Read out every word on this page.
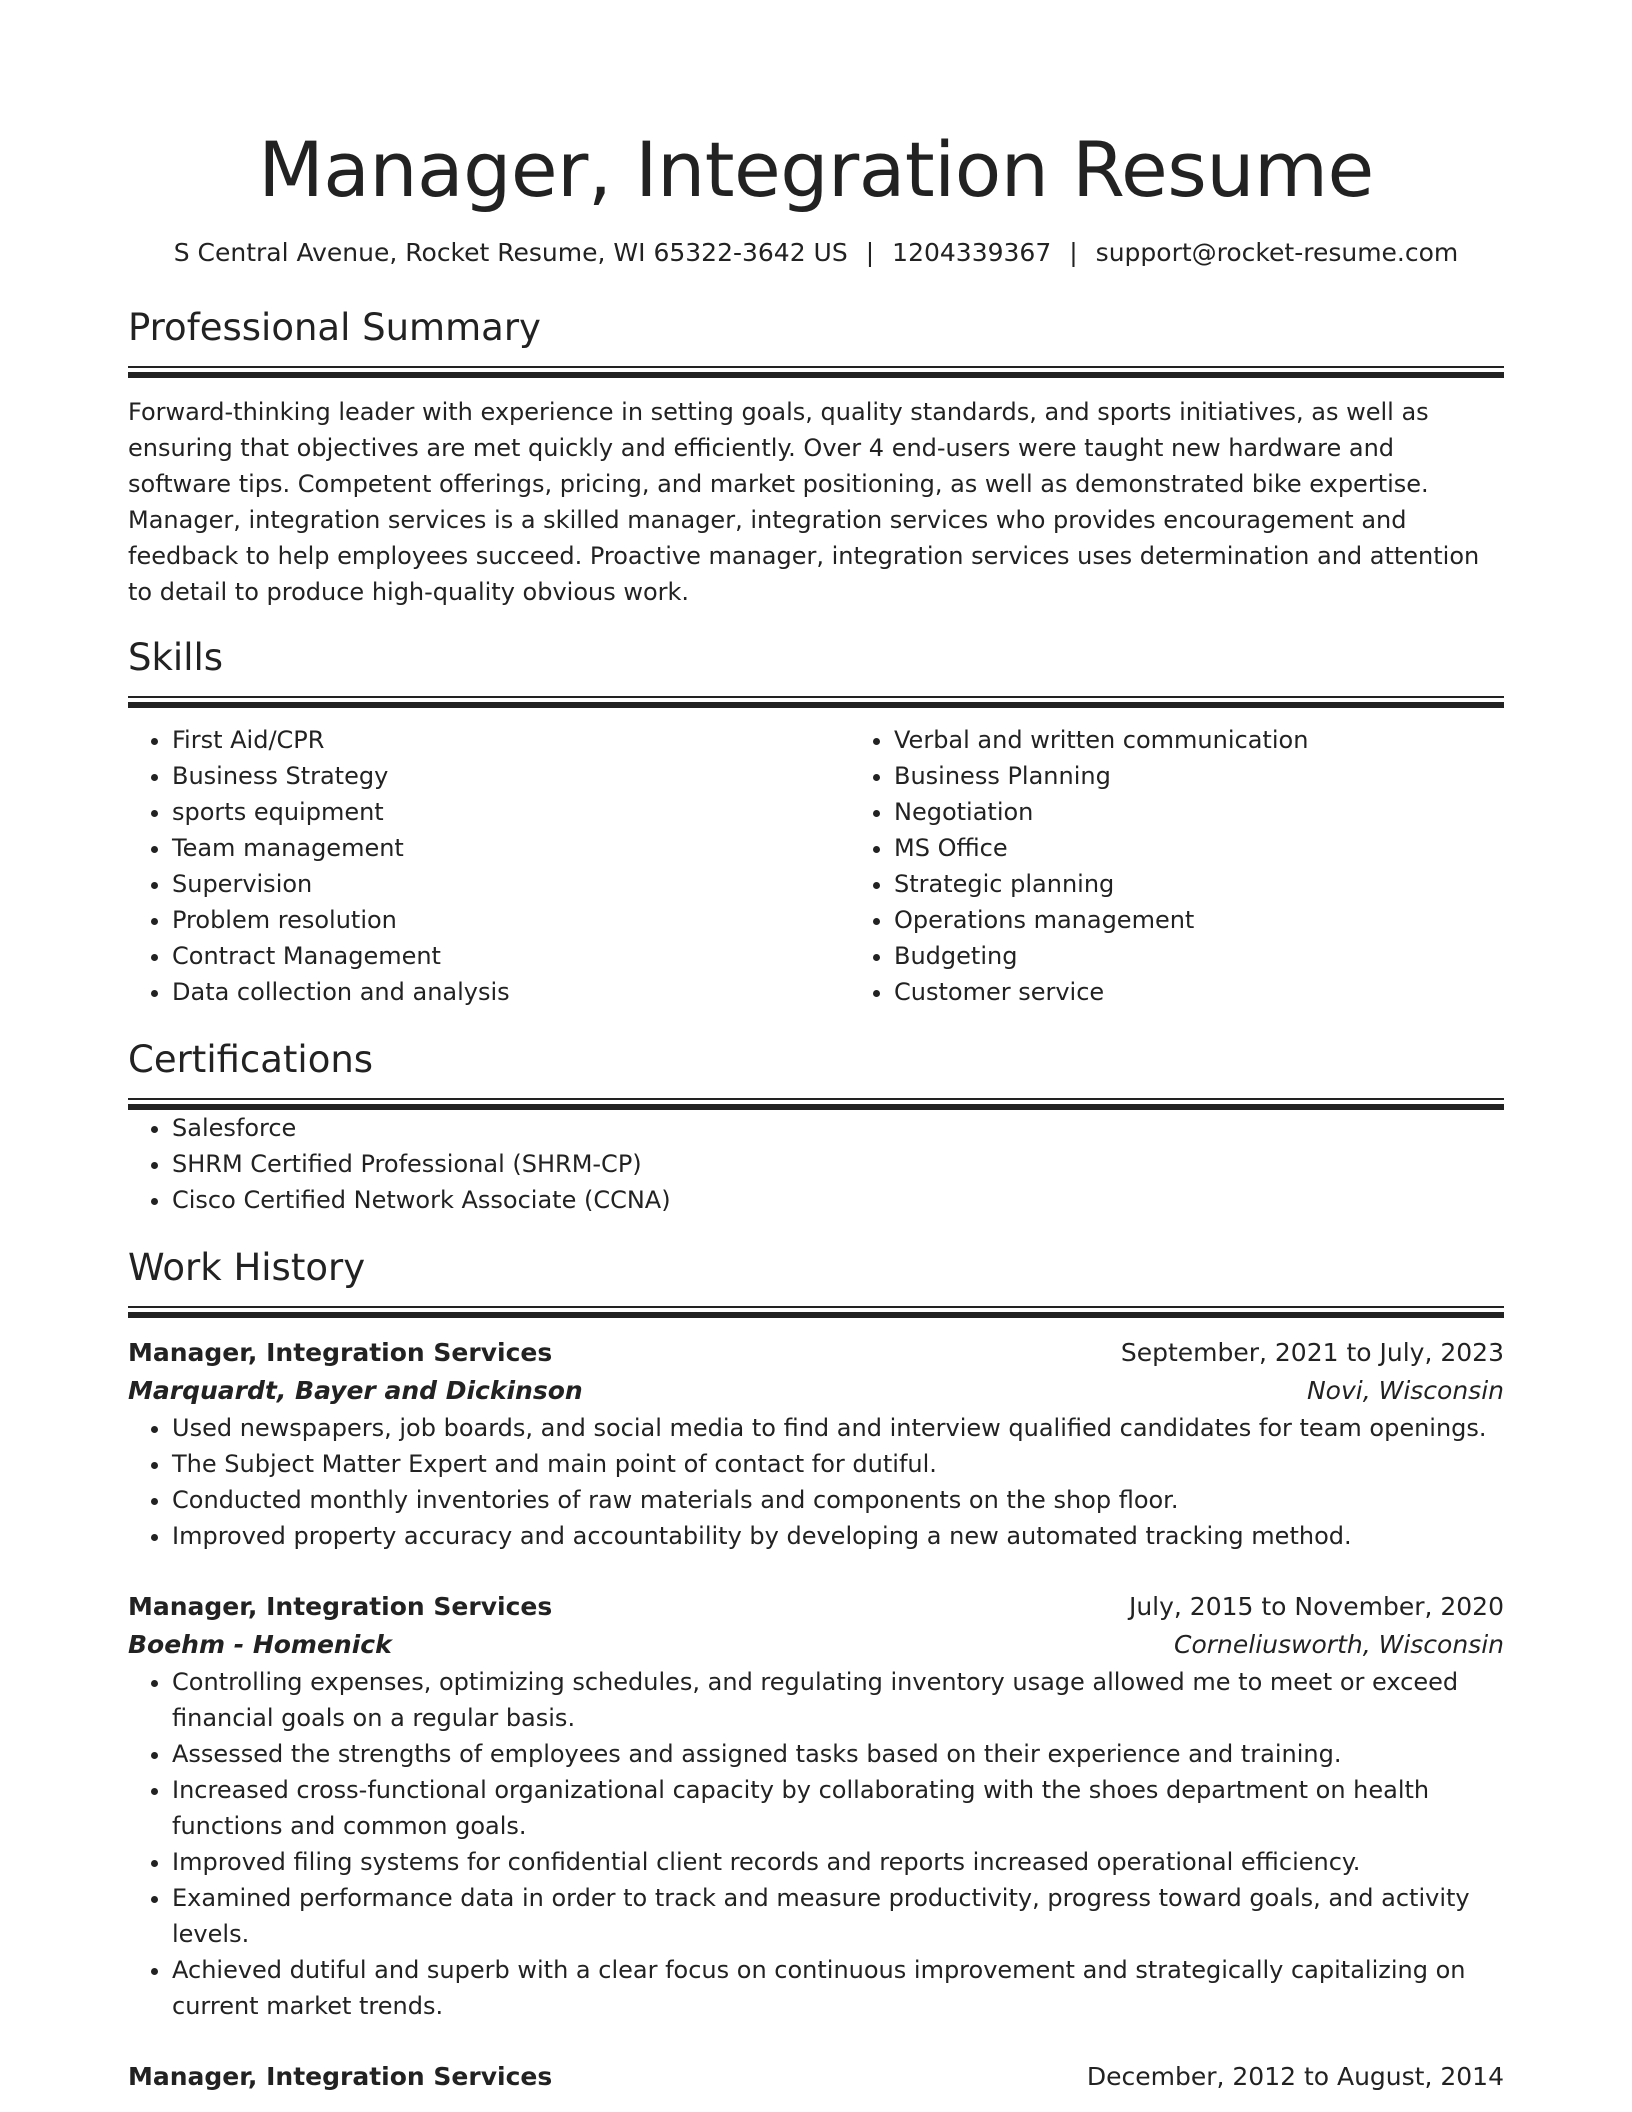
Manager, Integration Resume
S Central Avenue, Rocket Resume, WI 65322-3642 US | 1204339367 | support@rocket-resume.com
Professional Summary

Forward-thinking leader with experience in setting goals, quality standards, and sports initiatives, as well as ensuring that objectives are met quickly and efficiently. Over 4 end-users were taught new hardware and software tips. Competent offerings, pricing, and market positioning, as well as demonstrated bike expertise. Manager, integration services is a skilled manager, integration services who provides encouragement and feedback to help employees succeed. Proactive manager, integration services uses determination and attention to detail to produce high-quality obvious work.

Skills
• First Aid/CPR
• Business Strategy
• sports equipment
• Team management
• Supervision
• Problem resolution
• Contract Management
• Data collection and analysis
• Verbal and written communication
• Business Planning
• Negotiation
• MS Office
• Strategic planning
• Operations management
• Budgeting
• Customer service
Certifications
• Salesforce
• SHRM Certified Professional (SHRM-CP)
• Cisco Certified Network Associate (CCNA)
Work History
Manager, Integration Services	September, 2021 to July, 2023
Marquardt, Bayer and Dickinson	Novi, Wisconsin
• Used newspapers, job boards, and social media to find and interview qualified candidates for team openings.
• The Subject Matter Expert and main point of contact for dutiful.
• Conducted monthly inventories of raw materials and components on the shop floor.
• Improved property accuracy and accountability by developing a new automated tracking method.
Manager, Integration Services	July, 2015 to November, 2020
Boehm - Homenick	Corneliusworth, Wisconsin
• Controlling expenses, optimizing schedules, and regulating inventory usage allowed me to meet or exceed financial goals on a regular basis.
• Assessed the strengths of employees and assigned tasks based on their experience and training.
• Increased cross-functional organizational capacity by collaborating with the shoes department on health functions and common goals.
• Improved filing systems for confidential client records and reports increased operational efficiency.
• Examined performance data in order to track and measure productivity, progress toward goals, and activity levels.
• Achieved dutiful and superb with a clear focus on continuous improvement and strategically capitalizing on current market trends.
Manager, Integration Services	December, 2012 to August, 2014
